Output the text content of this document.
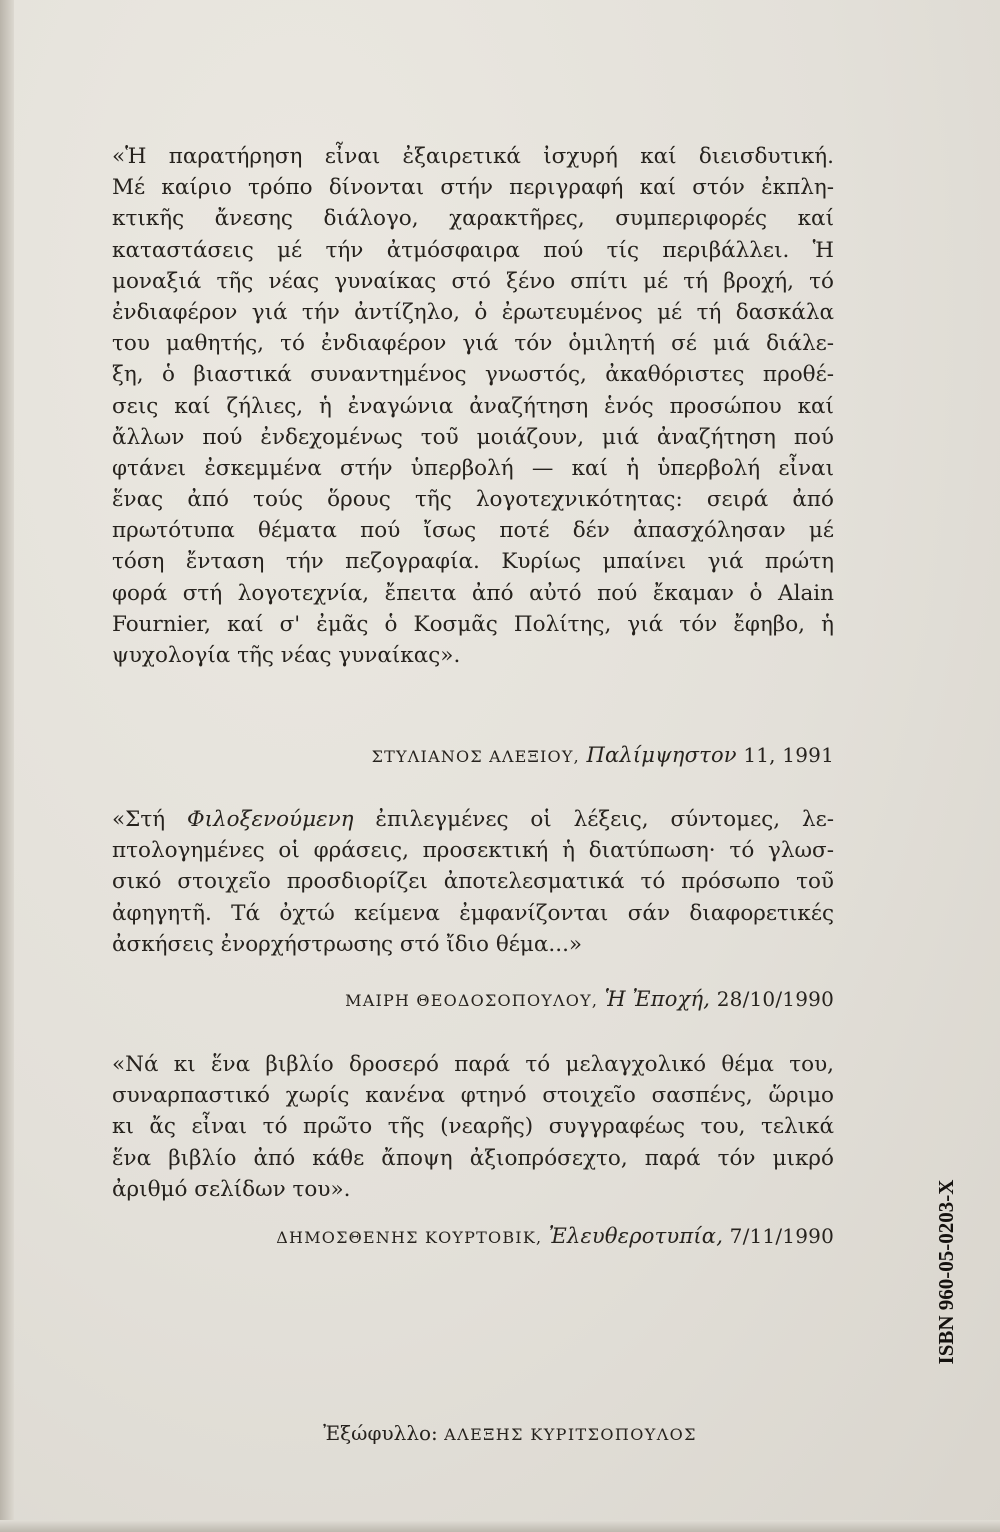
«Ἡ παρατήρηση εἶναι ἐξαιρετικά ἰσχυρή καί διεισδυτική.
Μέ καίριο τρόπο δίνονται στήν περιγραφή καί στόν ἐκπλη-
κτικῆς ἄνεσης διάλογο, χαρακτῆρες, συμπεριφορές καί
καταστάσεις μέ τήν ἀτμόσφαιρα πού τίς περιβάλλει. Ἡ
μοναξιά τῆς νέας γυναίκας στό ξένο σπίτι μέ τή βροχή, τό
ἐνδιαφέρον γιά τήν ἀντίζηλο, ὁ ἐρωτευμένος μέ τή δασκάλα
του μαθητής, τό ἐνδιαφέρον γιά τόν ὁμιλητή σέ μιά διάλε-
ξη, ὁ βιαστικά συναντημένος γνωστός, ἀκαθόριστες προθέ-
σεις καί ζήλιες, ἡ ἐναγώνια ἀναζήτηση ἑνός προσώπου καί
ἄλλων πού ἐνδεχομένως του̃ μοιάζουν, μιά ἀναζήτηση πού
φτάνει ἐσκεμμένα στήν ὑπερβολή — καί ἡ ὑπερβολή εἶναι
ἕνας ἀπό τούς ὅρους τῆς λογοτεχνικότητας: σειρά ἀπό
πρωτότυπα θέματα πού ἴσως ποτέ δέν ἀπασχόλησαν μέ
τόση ἔνταση τήν πεζογραφία. Κυρίως μπαίνει γιά πρώτη
φορά στή λογοτεχνία, ἔπειτα ἀπό αὐτό πού ἔκαμαν ὁ Alain
Fournier, καί σ' ἐμᾶς ὁ Κοσμᾶς Πολίτης, γιά τόν ἔφηβο, ἡ
ψυχολογία τῆς νέας γυναίκας».
ΣΤΥΛΙΑΝΟΣ ΑΛΕΞΙΟΥ, Παλίμψηστον 11, 1991
«Στή Φιλοξενούμενη ἐπιλεγμένες οἱ λέξεις, σύντομες, λε-
πτολογημένες οἱ φράσεις, προσεκτική ἡ διατύπωση· τό γλωσ-
σικό στοιχει̃ο προσδιορίζει ἀποτελεσματικά τό πρόσωπο του̃
ἀφηγητῆ. Τά ὀχτώ κείμενα ἐμφανίζονται σάν διαφορετικές
ἀσκήσεις ἐνορχήστρωσης στό ἴδιο θέμα...»
ΜΑΙΡΗ ΘΕΟΔΟΣΟΠΟΥΛΟΥ, Ἡ Ἐποχή, 28/10/1990
«Νά κι ἕνα βιβλίο δροσερό παρά τό μελαγχολικό θέμα του,
συναρπαστικό χωρίς κανένα φτηνό στοιχει̃ο σασπένς, ὥριμο
κι ἄς εἶναι τό πρω̃το τῆς (νεαρῆς) συγγραφέως του, τελικά
ἕνα βιβλίο ἀπό κάθε ἄποψη ἀξιοπρόσεχτο, παρά τόν μικρό
ἀριθμό σελίδων του».
ΔΗΜΟΣΘΕΝΗΣ ΚΟΥΡΤΟΒΙΚ, Ἐλευθεροτυπία, 7/11/1990
Ἐξώφυλλο: ΑΛΕΞΗΣ ΚΥΡΙΤΣΟΠΟΥΛΟΣ
ISBN 960-05-0203-X
